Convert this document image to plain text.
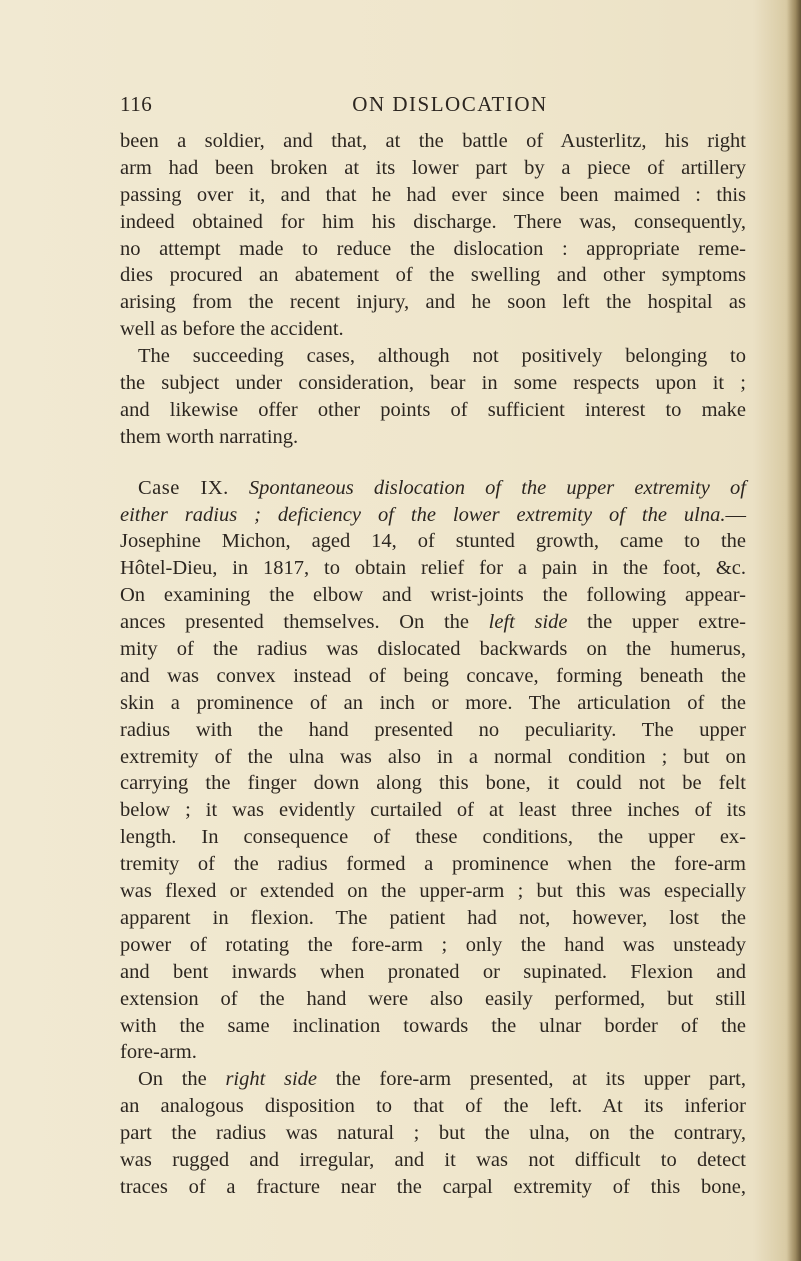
116	ON DISLOCATION
been a soldier, and that, at the battle of Austerlitz, his right
arm had been broken at its lower part by a piece of artillery
passing over it, and that he had ever since been maimed : this
indeed obtained for him his discharge. There was, consequently,
no attempt made to reduce the dislocation : appropriate reme-
dies procured an abatement of the swelling and other symptoms
arising from the recent injury, and he soon left the hospital as
well as before the accident.
The succeeding cases, although not positively belonging to
the subject under consideration, bear in some respects upon it ;
and likewise offer other points of sufficient interest to make
them worth narrating.
Case IX. Spontaneous dislocation of the upper extremity of
either radius ; deficiency of the lower extremity of the ulna.—
Josephine Michon, aged 14, of stunted growth, came to the
Hôtel-Dieu, in 1817, to obtain relief for a pain in the foot, &c.
On examining the elbow and wrist-joints the following appear-
ances presented themselves. On the left side the upper extre-
mity of the radius was dislocated backwards on the humerus,
and was convex instead of being concave, forming beneath the
skin a prominence of an inch or more. The articulation of the
radius with the hand presented no peculiarity. The upper
extremity of the ulna was also in a normal condition ; but on
carrying the finger down along this bone, it could not be felt
below ; it was evidently curtailed of at least three inches of its
length. In consequence of these conditions, the upper ex-
tremity of the radius formed a prominence when the fore-arm
was flexed or extended on the upper-arm ; but this was especially
apparent in flexion. The patient had not, however, lost the
power of rotating the fore-arm ; only the hand was unsteady
and bent inwards when pronated or supinated. Flexion and
extension of the hand were also easily performed, but still
with the same inclination towards the ulnar border of the
fore-arm.
On the right side the fore-arm presented, at its upper part,
an analogous disposition to that of the left. At its inferior
part the radius was natural ; but the ulna, on the contrary,
was rugged and irregular, and it was not difficult to detect
traces of a fracture near the carpal extremity of this bone,
